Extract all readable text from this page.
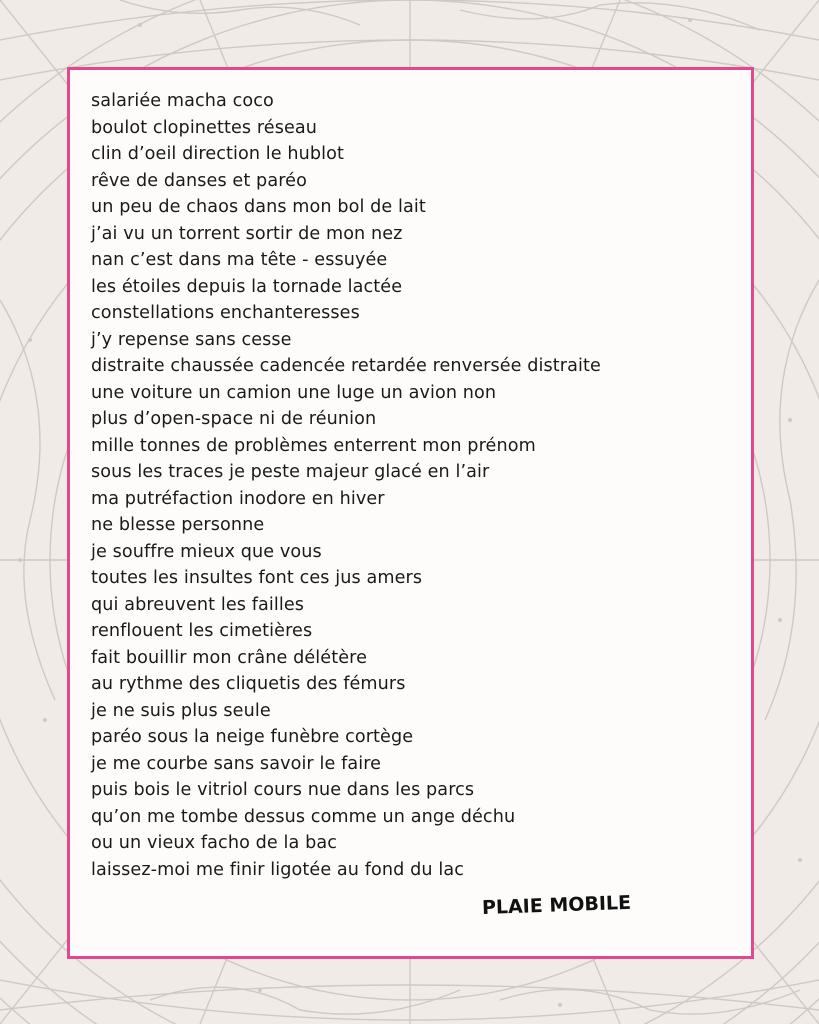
salariée macha coco
boulot clopinettes réseau
clin d’oeil direction le hublot
rêve de danses et paréo
un peu de chaos dans mon bol de lait
j’ai vu un torrent sortir de mon nez
nan c’est dans ma tête - essuyée
les étoiles depuis la tornade lactée
constellations enchanteresses
j’y repense sans cesse
distraite chaussée cadencée retardée renversée distraite
une voiture un camion une luge un avion non
plus d’open-space ni de réunion
mille tonnes de problèmes enterrent mon prénom
sous les traces je peste majeur glacé en l’air
ma putréfaction inodore en hiver
ne blesse personne
je souffre mieux que vous
toutes les insultes font ces jus amers
qui abreuvent les failles
renflouent les cimetières
fait bouillir mon crâne délétère
au rythme des cliquetis des fémurs
je ne suis plus seule
paréo sous la neige funèbre cortège
je me courbe sans savoir le faire
puis bois le vitriol cours nue dans les parcs
qu’on me tombe dessus comme un ange déchu
ou un vieux facho de la bac
laissez-moi me finir ligotée au fond du lac
PLAIE MOBILE
